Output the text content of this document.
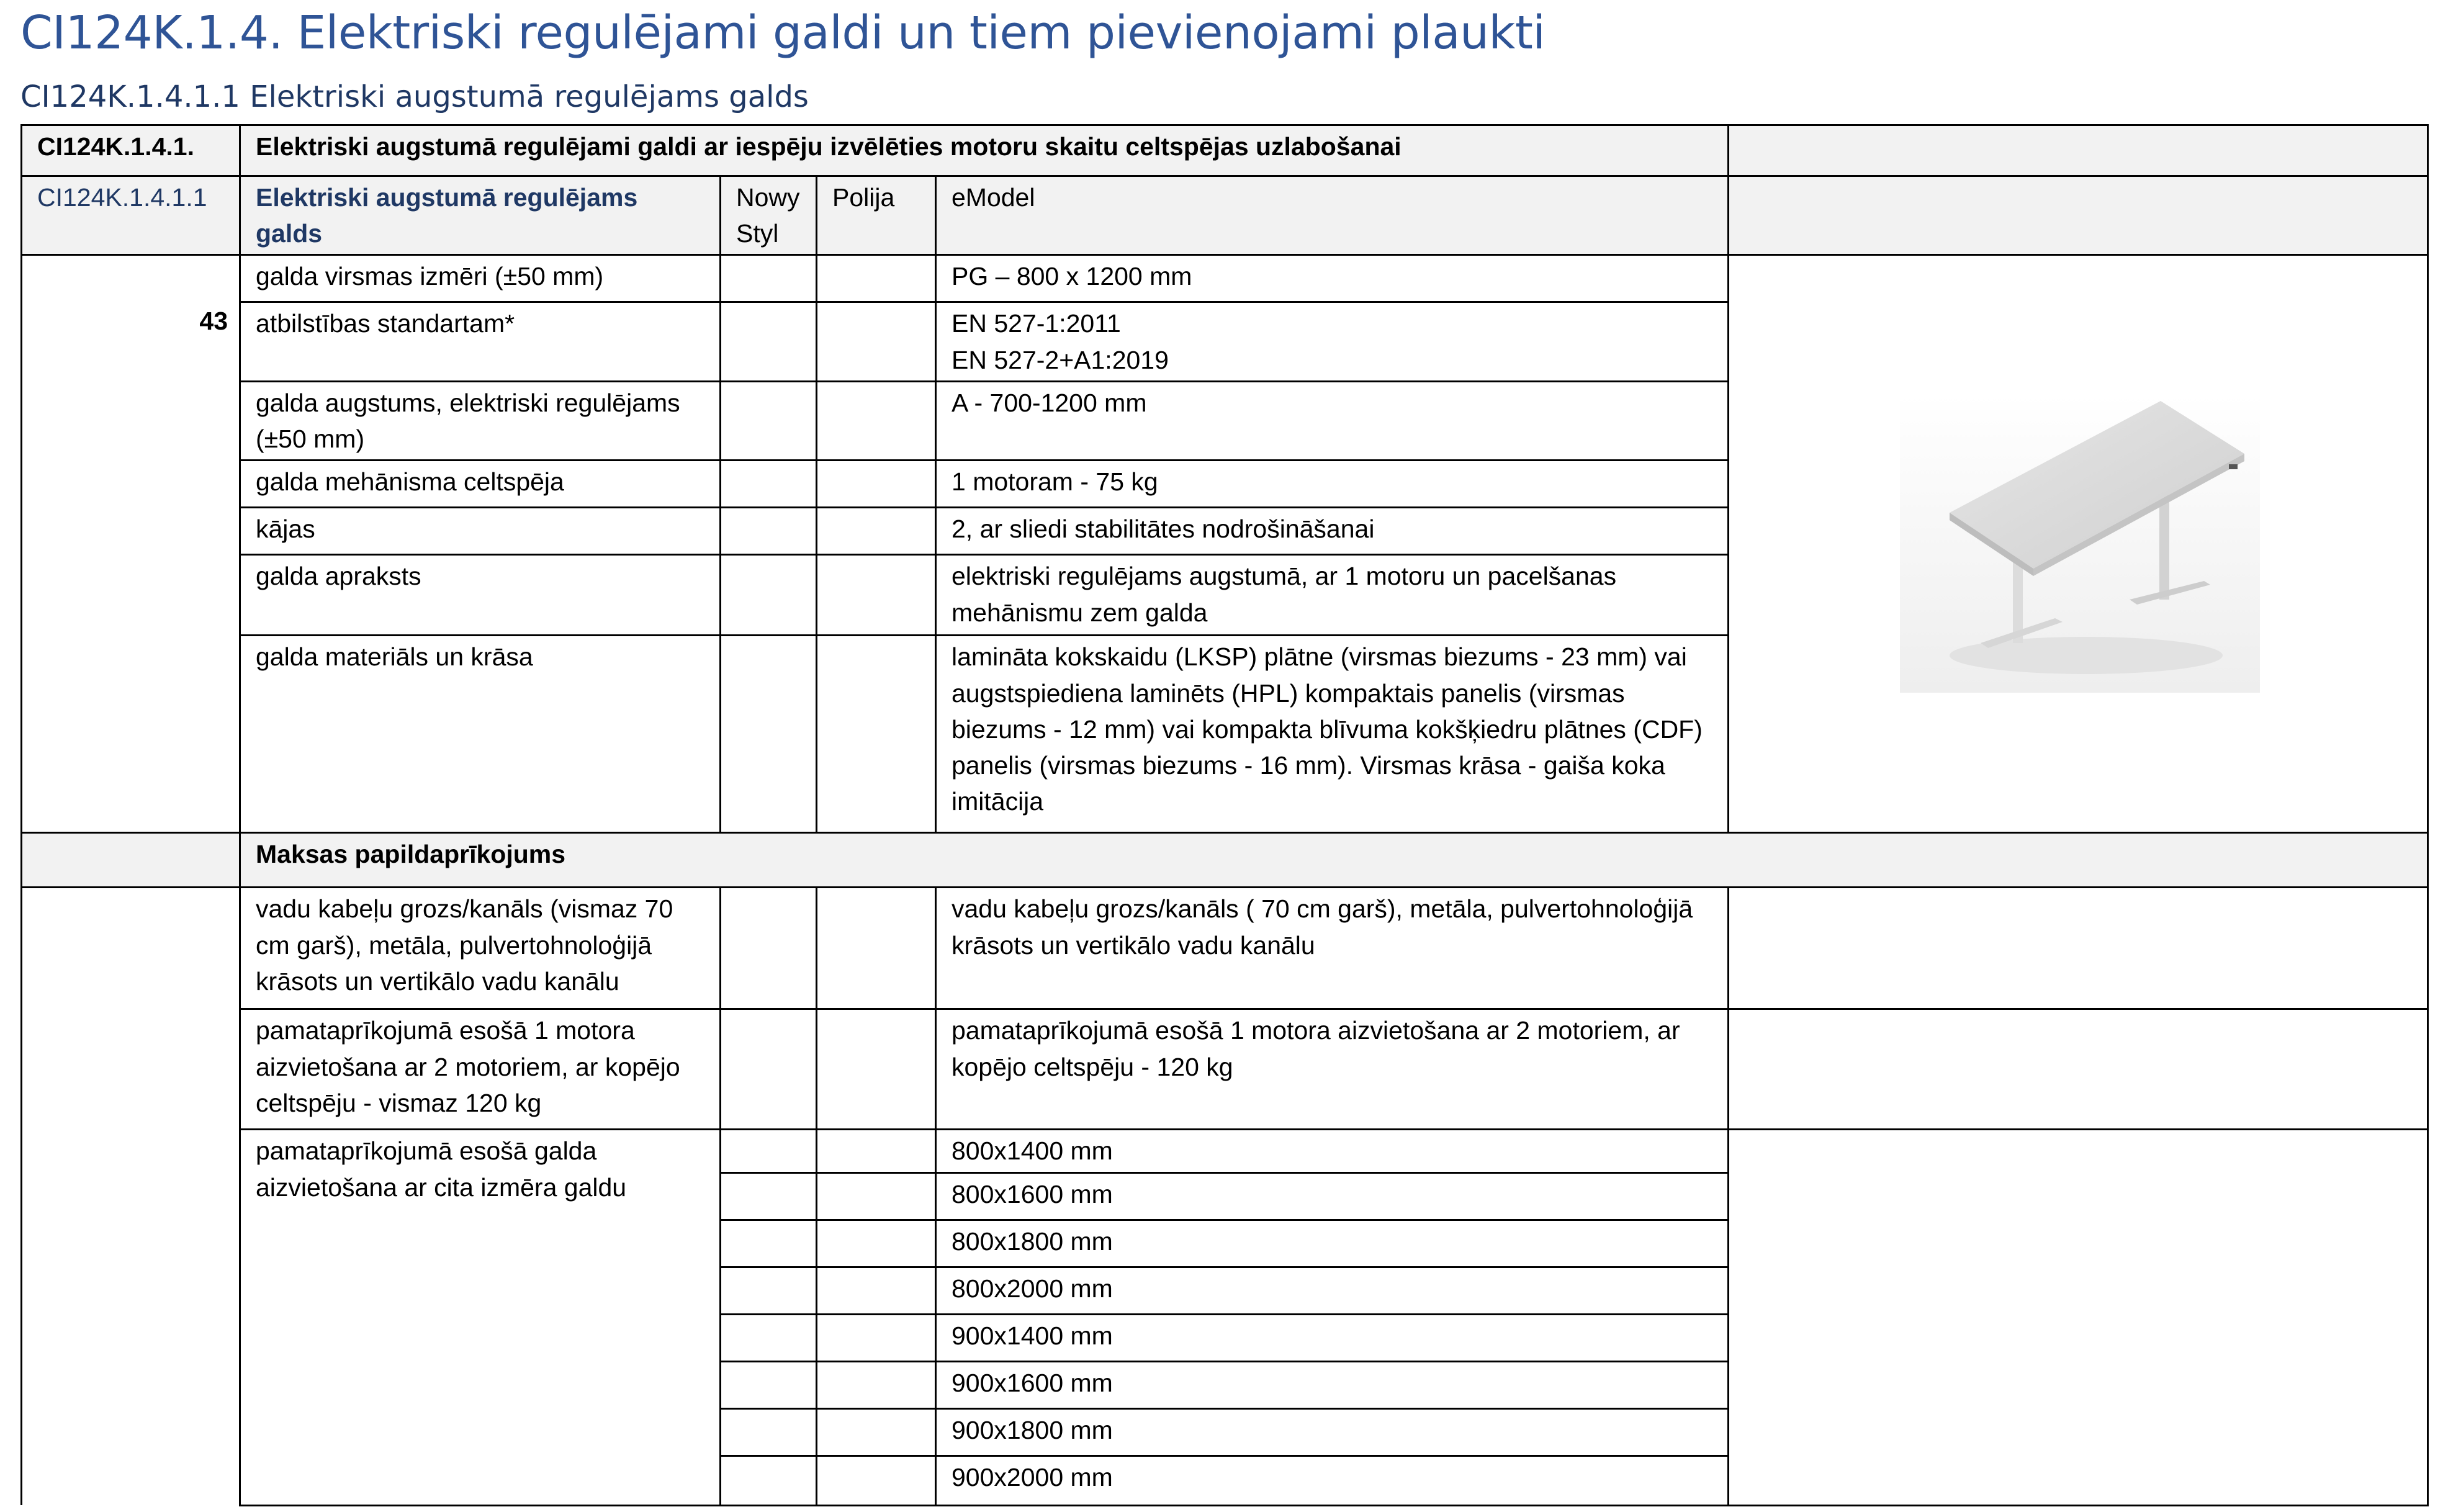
CI124K.1.4. Elektriski regulējami galdi un tiem pievienojami plaukti
CI124K.1.4.1.1 Elektriski augstumā regulējams galds
CI124K.1.4.1.	Elektriski augstumā regulējami galdi ar iespēju izvēlēties motoru skaitu celtspējas uzlabošanai				
CI124K.1.4.1.1	Elektriski augstumā regulējams galds	Nowy Styl	Polija	eModel	
43	galda virsmas izmēri (±50 mm)			PG – 800 x 1200 mm	

	atbilstības standartam*			EN 527-1:2011
EN 527-2+A1:2019	
	galda augstums, elektriski regulējams (±50 mm)			A - 700-1200 mm	
	galda mehānisma celtspēja			1 motoram - 75 kg	
	kājas			2, ar sliedi stabilitātes nodrošināšanai	
	galda apraksts			elektriski regulējams augstumā, ar 1 motoru un pacelšanas mehānismu zem galda	
	galda materiāls un krāsa			lamināta kokskaidu (LKSP) plātne (virsmas biezums - 23 mm) vai augstspiediena laminēts (HPL) kompaktais panelis (virsmas biezums - 12 mm) vai kompakta blīvuma kokšķiedru plātnes (CDF) panelis (virsmas biezums - 16 mm). Virsmas krāsa - gaiša koka imitācija	
	Maksas papildaprīkojums				
	vadu kabeļu grozs/kanāls (vismaz 70 cm garš), metāla, pulvertohnoloģijā krāsots un vertikālo vadu kanālu			vadu kabeļu grozs/kanāls ( 70 cm garš), metāla, pulvertohnoloģijā krāsots un vertikālo vadu kanālu	
	pamataprīkojumā esošā 1 motora aizvietošana ar 2 motoriem, ar kopējo celtspēju - vismaz 120 kg			pamataprīkojumā esošā 1 motora aizvietošana ar 2 motoriem, ar kopējo celtspēju - 120 kg	
	pamataprīkojumā esošā galda aizvietošana ar cita izmēra galdu			800x1400 mm	
				800x1600 mm	
				800x1800 mm	
				800x2000 mm	
				900x1400 mm	
				900x1600 mm	
				900x1800 mm	
				900x2000 mm	
